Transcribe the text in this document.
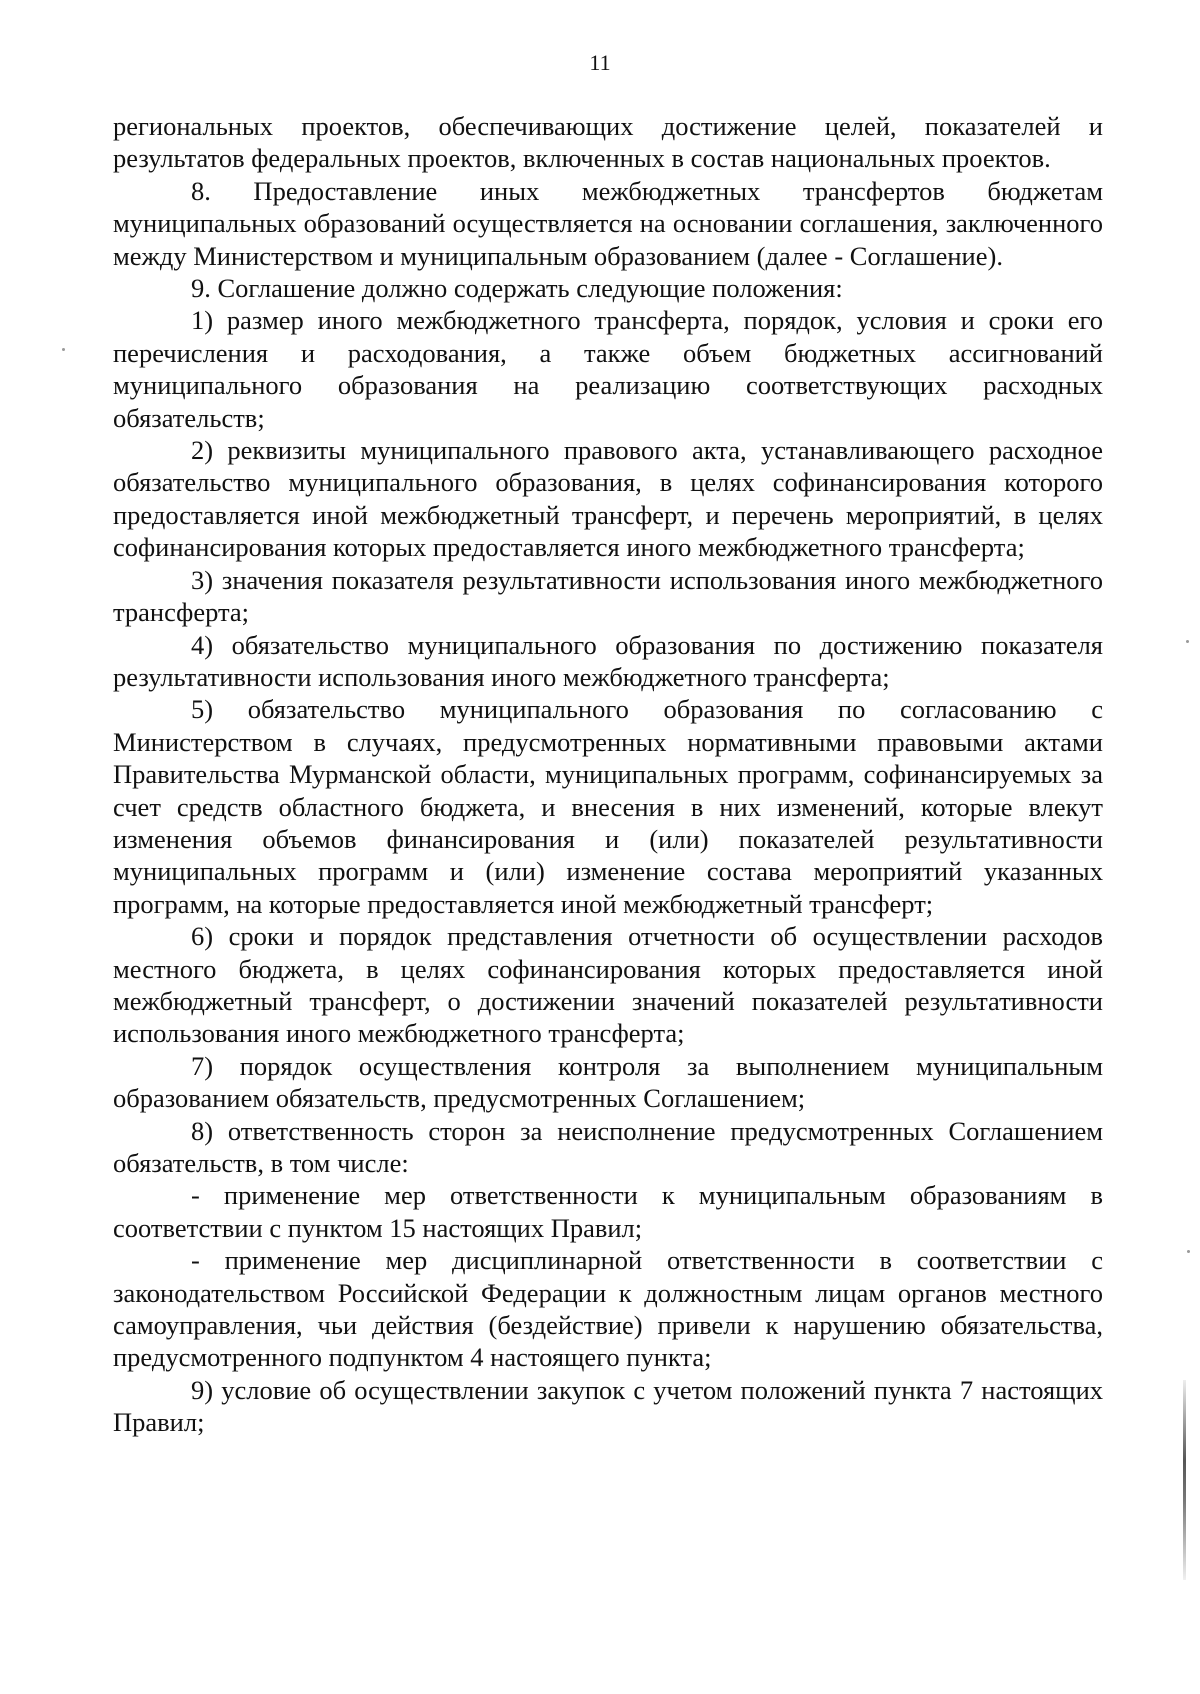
11

региональных проектов, обеспечивающих достижение целей, показателей и результатов федеральных проектов, включенных в состав национальных проектов.

8. Предоставление иных межбюджетных трансфертов бюджетам муниципальных образований осуществляется на основании соглашения, заключенного между Министерством и муниципальным образованием (далее - Соглашение).

9. Соглашение должно содержать следующие положения:

1) размер иного межбюджетного трансферта, порядок, условия и сроки его перечисления и расходования, а также объем бюджетных ассигнований муниципального образования на реализацию соответствующих расходных обязательств;

2) реквизиты муниципального правового акта, устанавливающего расходное обязательство муниципального образования, в целях софинансирования которого предоставляется иной межбюджетный трансферт, и перечень мероприятий, в целях софинансирования которых предоставляется иного межбюджетного трансферта;

3) значения показателя результативности использования иного межбюджетного трансферта;

4) обязательство муниципального образования по достижению показателя результативности использования иного межбюджетного трансферта;

5) обязательство муниципального образования по согласованию с Министерством в случаях, предусмотренных нормативными правовыми актами Правительства Мурманской области, муниципальных программ, софинансируемых за счет средств областного бюджета, и внесения в них изменений, которые влекут изменения объемов финансирования и (или) показателей результативности муниципальных программ и (или) изменение состава мероприятий указанных программ, на которые предоставляется иной межбюджетный трансферт;

6) сроки и порядок представления отчетности об осуществлении расходов местного бюджета, в целях софинансирования которых предоставляется иной межбюджетный трансферт, о достижении значений показателей результативности использования иного межбюджетного трансферта;

7) порядок осуществления контроля за выполнением муниципальным образованием обязательств, предусмотренных Соглашением;

8) ответственность сторон за неисполнение предусмотренных Соглашением обязательств, в том числе:

- применение мер ответственности к муниципальным образованиям в соответствии с пунктом 15 настоящих Правил;

- применение мер дисциплинарной ответственности в соответствии с законодательством Российской Федерации к должностным лицам органов местного самоуправления, чьи действия (бездействие) привели к нарушению обязательства, предусмотренного подпунктом 4 настоящего пункта;

9) условие об осуществлении закупок с учетом положений пункта 7 настоящих Правил;
